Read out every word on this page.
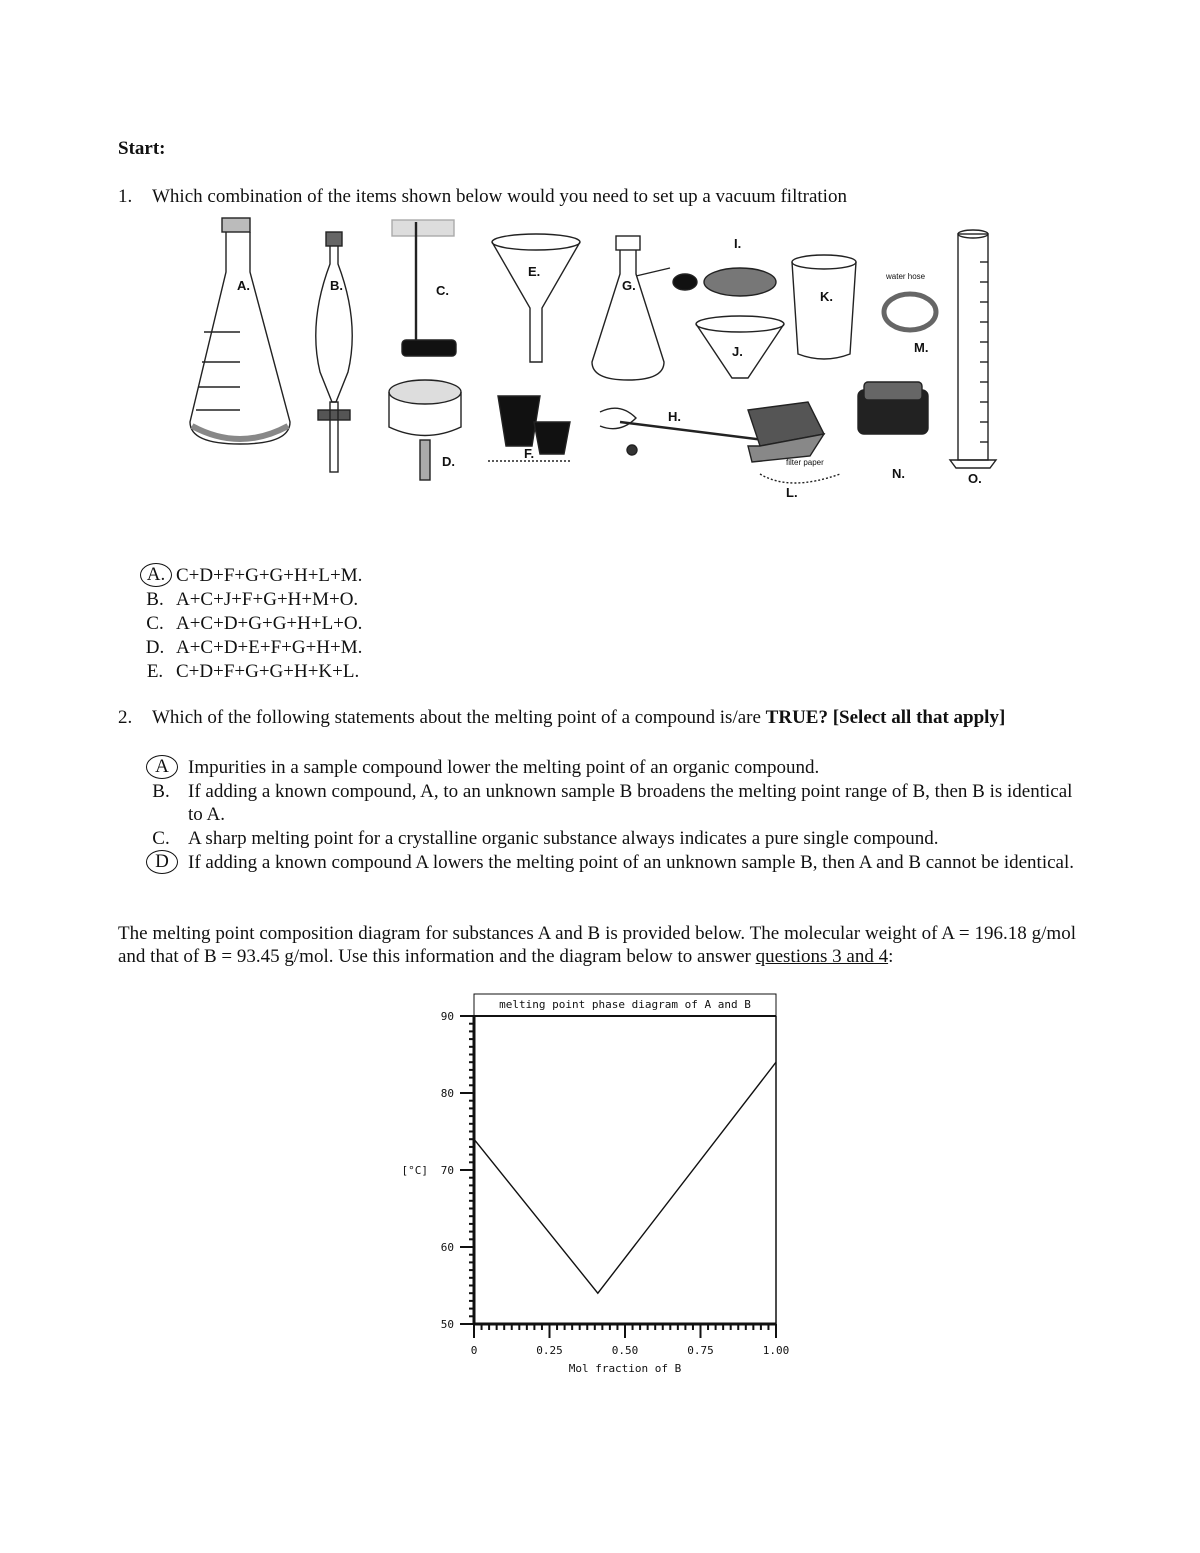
Start:
1. Which combination of the items shown below would you need to set up a vacuum filtration
A.	B.	C.
D.
E.
F.
G.
H.
I.
J.
K.
L.
M.
N.	O.
water hose
filter paper
A. C+D+F+G+G+H+L+M.
B. A+C+J+F+G+H+M+O.
C. A+C+D+G+G+H+L+O.
D. A+C+D+E+F+G+H+M.
E. C+D+F+G+G+H+K+L.
2. Which of the following statements about the melting point of a compound is/are TRUE? [Select all that apply]
A	Impurities in a sample compound lower the melting point of an organic compound.
B. If adding a known compound, A, to an unknown sample B broadens the melting point range of B, then B is identical to A.
C. A sharp melting point for a crystalline organic substance always indicates a pure single compound.
D	If adding a known compound A lowers the melting point of an unknown sample B, then A and B cannot be identical.
The melting point composition diagram for substances A and B is provided below. The molecular weight of A = 196.18 g/mol and that of B = 93.45 g/mol. Use this information and the diagram below to answer questions 3 and 4:
melting point phase diagram of A and B
50
60
70
80
90
0	0.25	0.50	0.75	1.00
Mol fraction of B
[°C]
